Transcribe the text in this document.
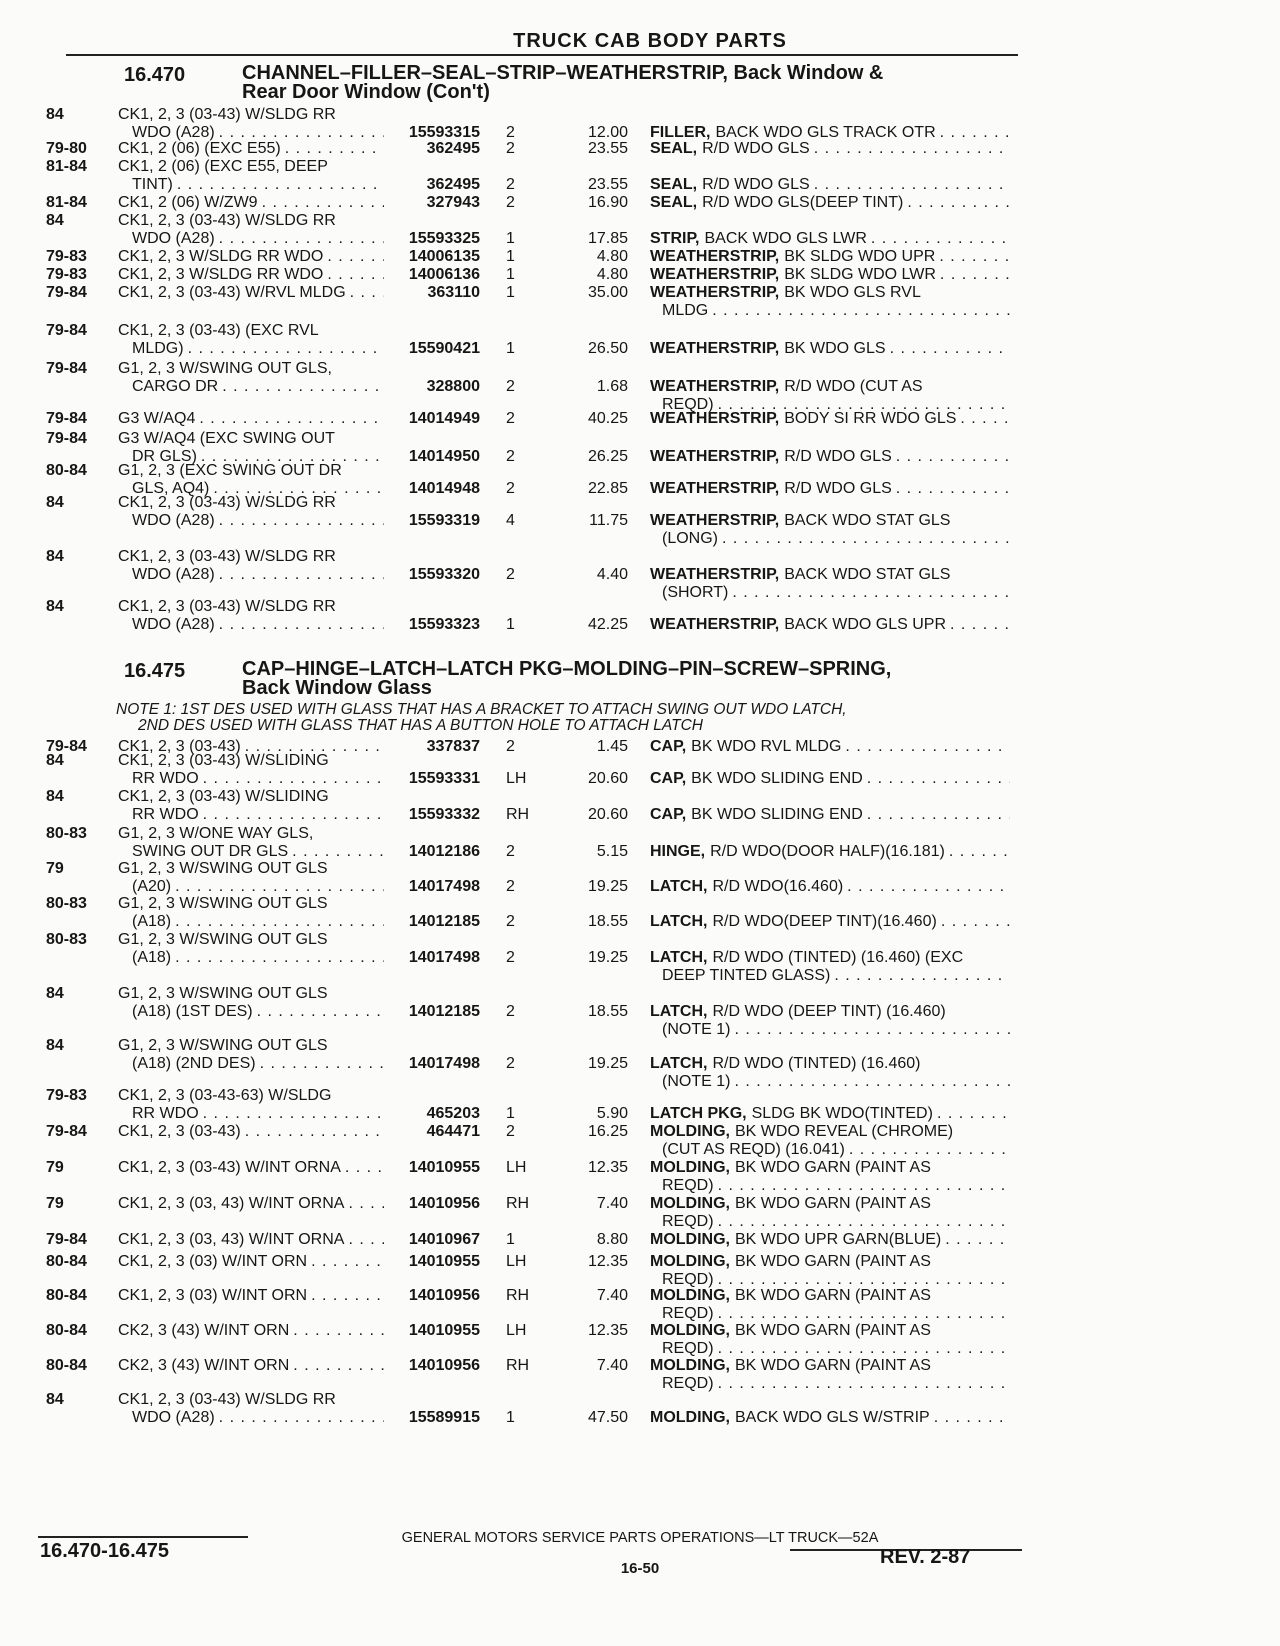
TRUCK CAB BODY PARTS
16.470	CHANNEL–FILLER–SEAL–STRIP–WEATHERSTRIP, Back Window &
Rear Door Window (Con't)
84	CK1, 2, 3 (03-43) W/SLDG RR
WDO (A28) . . .	15593315 2	12.00 FILLER, BACK WDO GLS TRACK OTR
. . .
79-80	CK1, 2 (06) (EXC E55) . . .	362495 2	23.55 SEAL, R/D WDO GLS
. . .
81-84	CK1, 2 (06) (EXC E55, DEEP
TINT) . . .	362495 2	23.55 SEAL, R/D WDO GLS
. . .
81-84	CK1, 2 (06) W/ZW9 . . .	327943 2	16.90 SEAL, R/D WDO GLS(DEEP TINT)
. . .
84	CK1, 2, 3 (03-43) W/SLDG RR
WDO (A28) . . .	15593325 1	17.85 STRIP, BACK WDO GLS LWR
. . .
79-83	CK1, 2, 3 W/SLDG RR WDO . . .	14006135 1	4.80 WEATHERSTRIP, BK SLDG WDO UPR
. . .
79-83	CK1, 2, 3 W/SLDG RR WDO . . .	14006136 1	4.80 WEATHERSTRIP, BK SLDG WDO LWR
. . .
79-84	CK1, 2, 3 (03-43) W/RVL MLDG . . .	363110 1	35.00 WEATHERSTRIP, BK WDO GLS RVL
MLDG
. . .
79-84	CK1, 2, 3 (03-43) (EXC RVL
MLDG) . . .	15590421 1	26.50 WEATHERSTRIP, BK WDO GLS
. . .
79-84	G1, 2, 3 W/SWING OUT GLS,
CARGO DR . . .	328800 2	1.68 WEATHERSTRIP, R/D WDO (CUT AS
REQD)
. . .
79-84	G3 W/AQ4 . . .	14014949 2	40.25 WEATHERSTRIP, BODY SI RR WDO GLS
. . .
79-84	G3 W/AQ4 (EXC SWING OUT
DR GLS) . . .	14014950 2	26.25 WEATHERSTRIP, R/D WDO GLS
. . .
80-84	G1, 2, 3 (EXC SWING OUT DR
GLS, AQ4) . . .	14014948 2	22.85 WEATHERSTRIP, R/D WDO GLS
. . .
84	CK1, 2, 3 (03-43) W/SLDG RR
WDO (A28) . . .	15593319 4	11.75 WEATHERSTRIP, BACK WDO STAT GLS
(LONG)
. . .
84	CK1, 2, 3 (03-43) W/SLDG RR
WDO (A28) . . .	15593320 2	4.40 WEATHERSTRIP, BACK WDO STAT GLS
(SHORT)
. . .
84	CK1, 2, 3 (03-43) W/SLDG RR
WDO (A28) . . .	15593323 1	42.25 WEATHERSTRIP, BACK WDO GLS UPR
. . .
16.475	CAP–HINGE–LATCH–LATCH PKG–MOLDING–PIN–SCREW–SPRING,
Back Window Glass
NOTE 1: 1ST DES USED WITH GLASS THAT HAS A BRACKET TO ATTACH SWING OUT WDO LATCH,
2ND DES USED WITH GLASS THAT HAS A BUTTON HOLE TO ATTACH LATCH
79-84	CK1, 2, 3 (03-43) . . .	337837 2	1.45 CAP, BK WDO RVL MLDG
. . .
84	CK1, 2, 3 (03-43) W/SLIDING
RR WDO . . .	15593331 LH	20.60 CAP, BK WDO SLIDING END
. . .
84	CK1, 2, 3 (03-43) W/SLIDING
RR WDO . . .	15593332 RH	20.60 CAP, BK WDO SLIDING END
. . .
80-83	G1, 2, 3 W/ONE WAY GLS,
SWING OUT DR GLS . . .	14012186 2	5.15 HINGE, R/D WDO(DOOR HALF)(16.181)
. . .
79	G1, 2, 3 W/SWING OUT GLS
(A20) . . .	14017498 2	19.25 LATCH, R/D WDO(16.460)
. . .
80-83	G1, 2, 3 W/SWING OUT GLS
(A18) . . .	14012185 2	18.55 LATCH, R/D WDO(DEEP TINT)(16.460)
. . .
80-83	G1, 2, 3 W/SWING OUT GLS
(A18) . . .	14017498 2	19.25 LATCH, R/D WDO (TINTED) (16.460) (EXC
DEEP TINTED GLASS)
. . .
84	G1, 2, 3 W/SWING OUT GLS
(A18) (1ST DES) . . .	14012185 2	18.55 LATCH, R/D WDO (DEEP TINT) (16.460)
(NOTE 1)
. . .
84	G1, 2, 3 W/SWING OUT GLS
(A18) (2ND DES) . . .	14017498 2	19.25 LATCH, R/D WDO (TINTED) (16.460)
(NOTE 1)
. . .
79-83	CK1, 2, 3 (03-43-63) W/SLDG
RR WDO . . .	465203 1	5.90 LATCH PKG, SLDG BK WDO(TINTED)
. . .
79-84	CK1, 2, 3 (03-43) . . .	464471 2	16.25 MOLDING, BK WDO REVEAL (CHROME)
(CUT AS REQD) (16.041)
. . .
79	CK1, 2, 3 (03-43) W/INT ORNA . . .	14010955 LH	12.35 MOLDING, BK WDO GARN (PAINT AS
REQD)
. . .
79	CK1, 2, 3 (03, 43) W/INT ORNA . . .	14010956 RH	7.40 MOLDING, BK WDO GARN (PAINT AS
REQD)
. . .
79-84	CK1, 2, 3 (03, 43) W/INT ORNA . . .	14010967 1	8.80 MOLDING, BK WDO UPR GARN(BLUE)
. . .
80-84	CK1, 2, 3 (03) W/INT ORN . . .	14010955 LH	12.35 MOLDING, BK WDO GARN (PAINT AS
REQD)
. . .
80-84	CK1, 2, 3 (03) W/INT ORN . . .	14010956 RH	7.40 MOLDING, BK WDO GARN (PAINT AS
REQD)
. . .
80-84	CK2, 3 (43) W/INT ORN . . .	14010955 LH	12.35 MOLDING, BK WDO GARN (PAINT AS
REQD)
. . .
80-84	CK2, 3 (43) W/INT ORN . . .	14010956 RH	7.40 MOLDING, BK WDO GARN (PAINT AS
REQD)
. . .
84	CK1, 2, 3 (03-43) W/SLDG RR
WDO (A28) . . .	15589915 1	47.50 MOLDING, BACK WDO GLS W/STRIP
. . .
16.470-16.475
GENERAL MOTORS SERVICE PARTS OPERATIONS—LT TRUCK—52A
16-50
REV. 2-87
